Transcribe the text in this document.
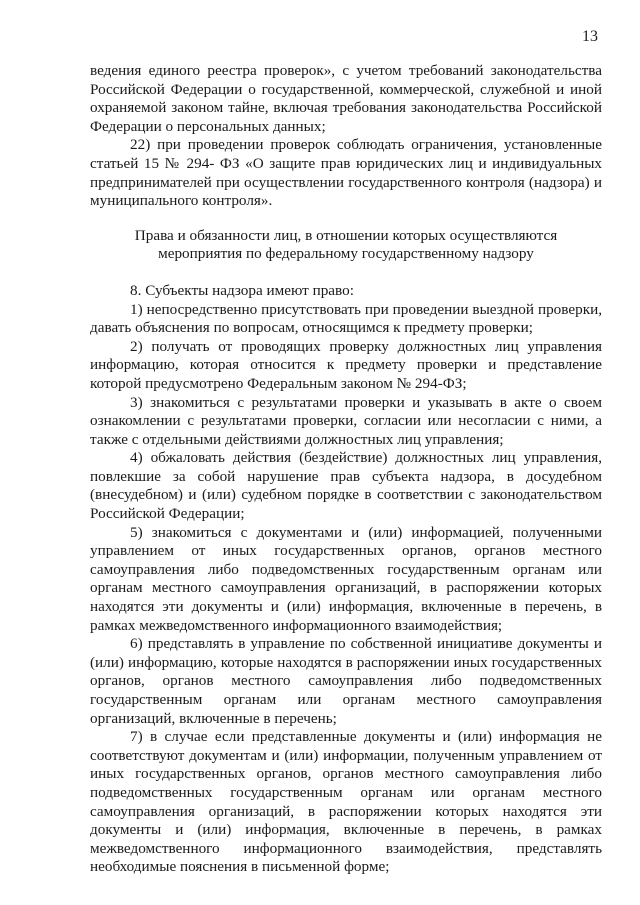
13

ведения единого реестра проверок», с учетом требований законодательства Российской Федерации о государственной, коммерческой, служебной и иной охраняемой законом тайне, включая требования законодательства Российской Федерации о персональных данных;

22) при проведении проверок соблюдать ограничения, установленные статьей 15 № 294- ФЗ «О защите прав юридических лиц и индивидуальных предпринимателей при осуществлении государственного контроля (надзора) и муниципального контроля».

Права и обязанности лиц, в отношении которых осуществляются мероприятия по федеральному государственному надзору

8. Субъекты надзора имеют право:

1) непосредственно присутствовать при проведении выездной проверки, давать объяснения по вопросам, относящимся к предмету проверки;

2) получать от проводящих проверку должностных лиц управления информацию, которая относится к предмету проверки и представление которой предусмотрено Федеральным законом № 294-ФЗ;

3) знакомиться с результатами проверки и указывать в акте о своем ознакомлении с результатами проверки, согласии или несогласии с ними, а также с отдельными действиями должностных лиц управления;

4) обжаловать действия (бездействие) должностных лиц управления, повлекшие за собой нарушение прав субъекта надзора, в досудебном (внесудебном) и (или) судебном порядке в соответствии с законодательством Российской Федерации;

5) знакомиться с документами и (или) информацией, полученными управлением от иных государственных органов, органов местного самоуправления либо подведомственных государственным органам или органам местного самоуправления организаций, в распоряжении которых находятся эти документы и (или) информация, включенные в перечень, в рамках межведомственного информационного взаимодействия;

6) представлять в управление по собственной инициативе документы и (или) информацию, которые находятся в распоряжении иных государственных органов, органов местного самоуправления либо подведомственных государственным органам или органам местного самоуправления организаций, включенные в перечень;

7) в случае если представленные документы и (или) информация не соответствуют документам и (или) информации, полученным управлением от иных государственных органов, органов местного самоуправления либо подведомственных государственным органам или органам местного самоуправления организаций, в распоряжении которых находятся эти документы и (или) информация, включенные в перечень, в рамках межведомственного информационного взаимодействия, представлять необходимые пояснения в письменной форме;
